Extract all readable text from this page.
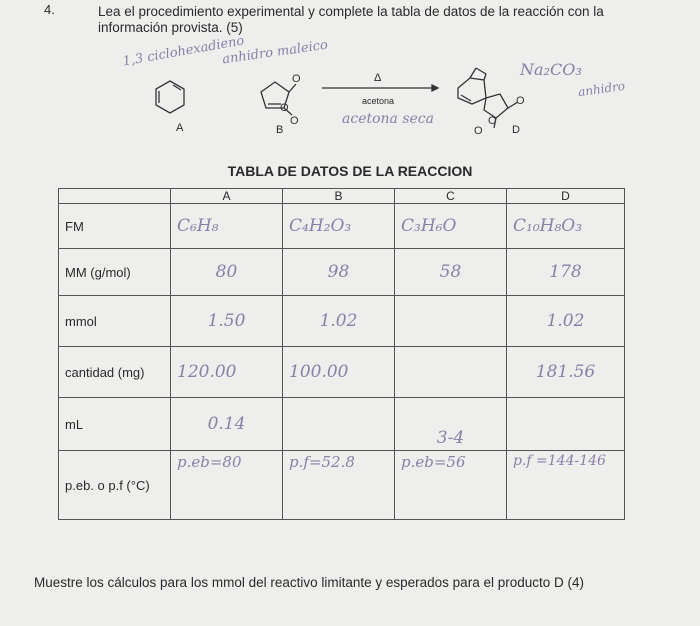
4.	Lea el procedimiento experimental y complete la tabla de datos de la reacción con la información provista. (5)
O
O
O
O
O
O
A	B	D
Δ
acetona
1,3 ciclohexadieno
anhidro maleico
acetona seca
Na₂CO₃
anhidro
TABLA DE DATOS DE LA REACCION
	A	B	C	D
FM	C₆H₈	C₄H₂O₃	C₃H₆O	C₁₀H₈O₃
MM (g/mol)	80	98	58	178
mmol	1.50	1.02		1.02
cantidad (mg)	120.00	100.00		181.56
mL	0.14		3-4	
p.eb. o p.f (°C)	p.eb=80	p.f=52.8	p.eb=56	p.f =144-146
Muestre los cálculos para los mmol del reactivo limitante y esperados para el producto D (4)
